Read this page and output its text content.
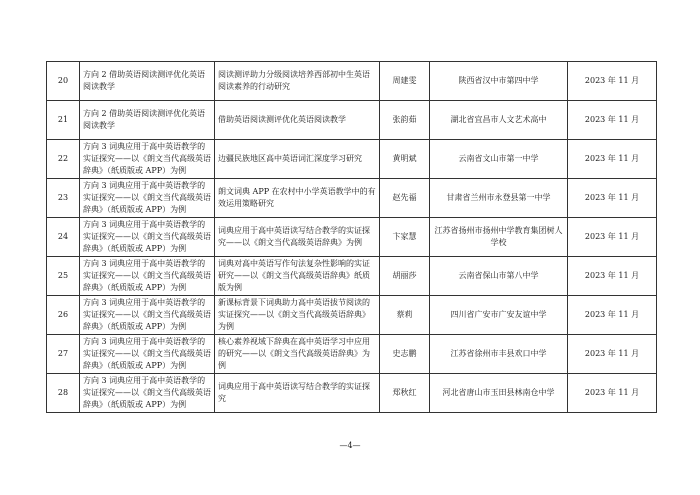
20	方向 2 借助英语阅读测评优化英语阅读教学	阅读测评助力分级阅读培养西部初中生英语阅读素养的行动研究	周建雯	陕西省汉中市第四中学	2023 年 11 月
21	方向 2 借助英语阅读测评优化英语阅读教学	借助英语阅读测评优化英语阅读教学	张韵茹	湖北省宜昌市人文艺术高中	2023 年 11 月
22	方向 3 词典应用于高中英语教学的实证探究——以《朗文当代高级英语辞典》（纸质版或 APP）为例	边疆民族地区高中英语词汇深度学习研究	黄明斌	云南省文山市第一中学	2023 年 11 月
23	方向 3 词典应用于高中英语教学的实证探究——以《朗文当代高级英语辞典》（纸质版或 APP）为例	朗文词典 APP 在农村中小学英语教学中的有效运用策略研究	赵先福	甘肃省兰州市永登县第一中学	2023 年 11 月
24	方向 3 词典应用于高中英语教学的实证探究——以《朗文当代高级英语辞典》（纸质版或 APP）为例	词典应用于高中英语读写结合教学的实证探究——以《朗文当代高级英语辞典》为例	卞家慧	江苏省扬州市扬州中学教育集团树人学校	2023 年 11 月
25	方向 3 词典应用于高中英语教学的实证探究——以《朗文当代高级英语辞典》（纸质版或 APP）为例	词典对高中英语写作句法复杂性影响的实证研究——以《朗文当代高级英语辞典》纸质版为例	胡丽莎	云南省保山市第八中学	2023 年 11 月
26	方向 3 词典应用于高中英语教学的实证探究——以《朗文当代高级英语辞典》（纸质版或 APP）为例	新课标背景下词典助力高中英语拔节阅读的实证探究——以《朗文当代高级英语辞典》为例	蔡莉	四川省广安市广安友谊中学	2023 年 11 月
27	方向 3 词典应用于高中英语教学的实证探究——以《朗文当代高级英语辞典》（纸质版或 APP）为例	核心素养视域下辞典在高中英语学习中应用的研究——以《朗文当代高级英语辞典》为例	史志鹏	江苏省徐州市丰县欢口中学	2023 年 11 月
28	方向 3 词典应用于高中英语教学的实证探究——以《朗文当代高级英语辞典》（纸质版或 APP）为例	词典应用于高中英语读写结合教学的实证探究	郑秋红	河北省唐山市玉田县林南仓中学	2023 年 11 月
—4—
